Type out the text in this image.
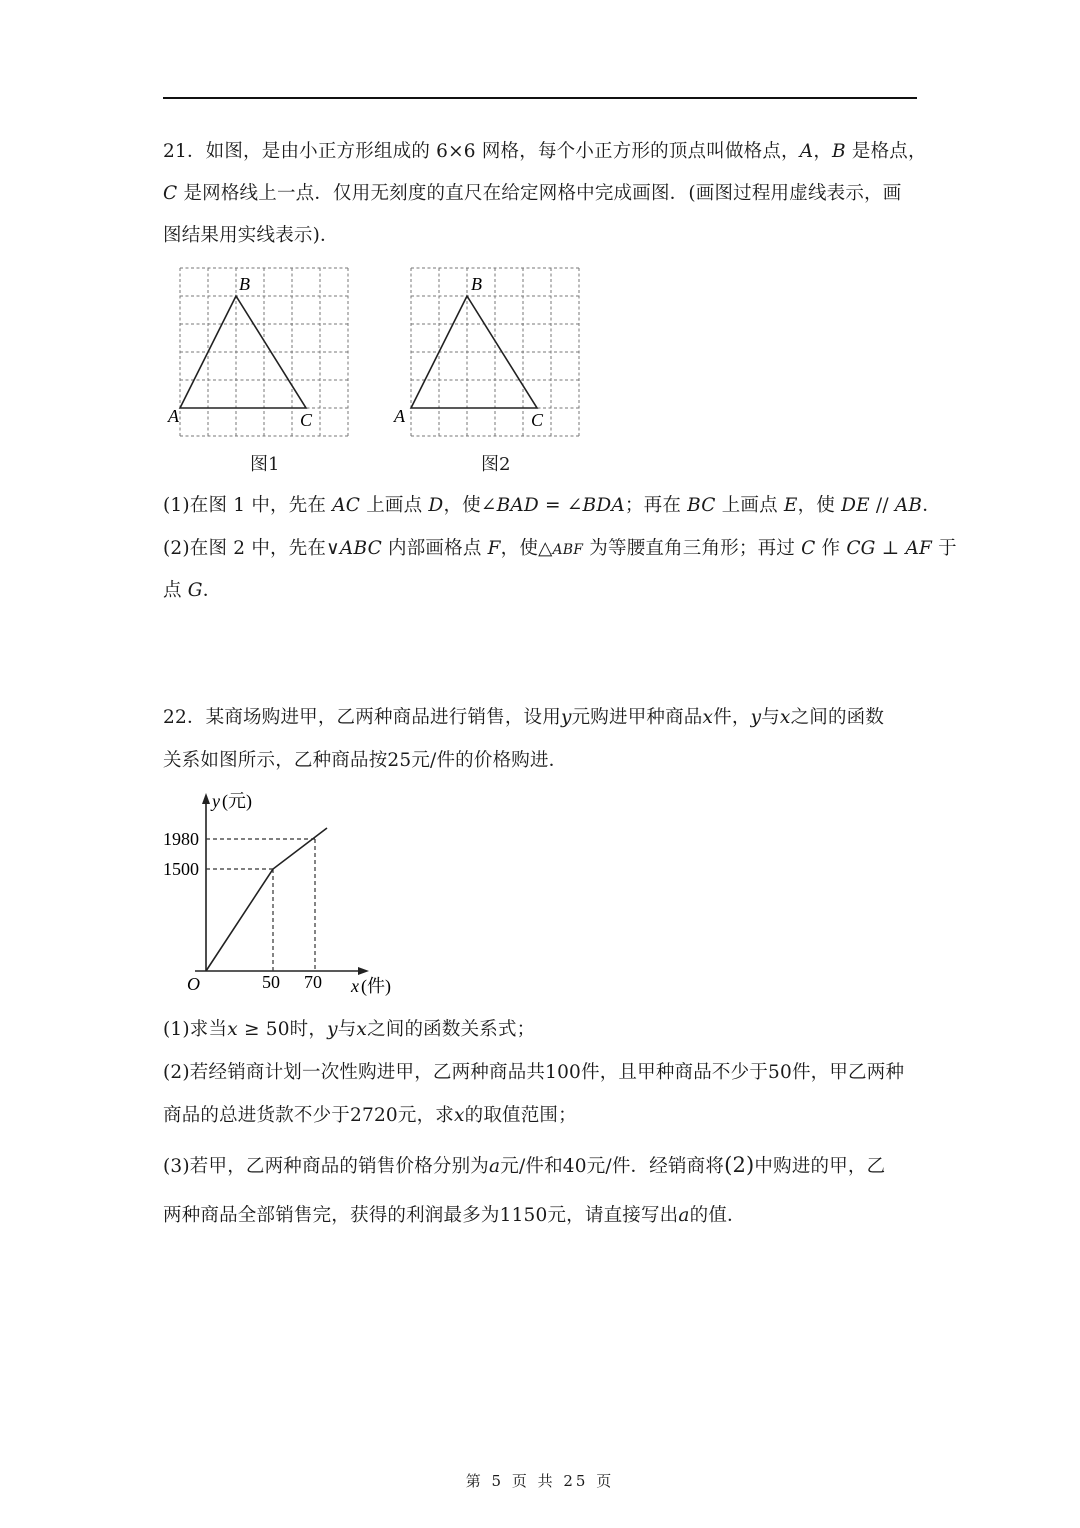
21．如图，是由小正方形组成的 6×6 网格，每个小正方形的顶点叫做格点，A，B 是格点，
C 是网格线上一点．仅用无刻度的直尺在给定网格中完成画图．(画图过程用虚线表示，画
图结果用实线表示)．
A
B
C
图1
A
B
C
图2
(1)在图 1 中，先在 AC 上画点 D，使∠BAD = ∠BDA；再在 BC 上画点 E，使 DE // AB．
(2)在图 2 中，先在∨ABC 内部画格点 F，使△ABF 为等腰直角三角形；再过 C 作 CG ⊥ AF 于
点 G．
22．某商场购进甲，乙两种商品进行销售，设用y元购进甲种商品x件，y与x之间的函数
关系如图所示，乙种商品按25元/件的价格购进．
y (元)
1980
1500
O	50 70 x (件)
(1)求当x ≥ 50时，y与x之间的函数关系式；
(2)若经销商计划一次性购进甲，乙两种商品共100件，且甲种商品不少于50件，甲乙两种
商品的总进货款不少于2720元，求x的取值范围；
(3)若甲，乙两种商品的销售价格分别为a元/件和40元/件．经销商将(2)中购进的甲，乙
两种商品全部销售完，获得的利润最多为1150元，请直接写出a的值．
第 5 页 共 25 页
